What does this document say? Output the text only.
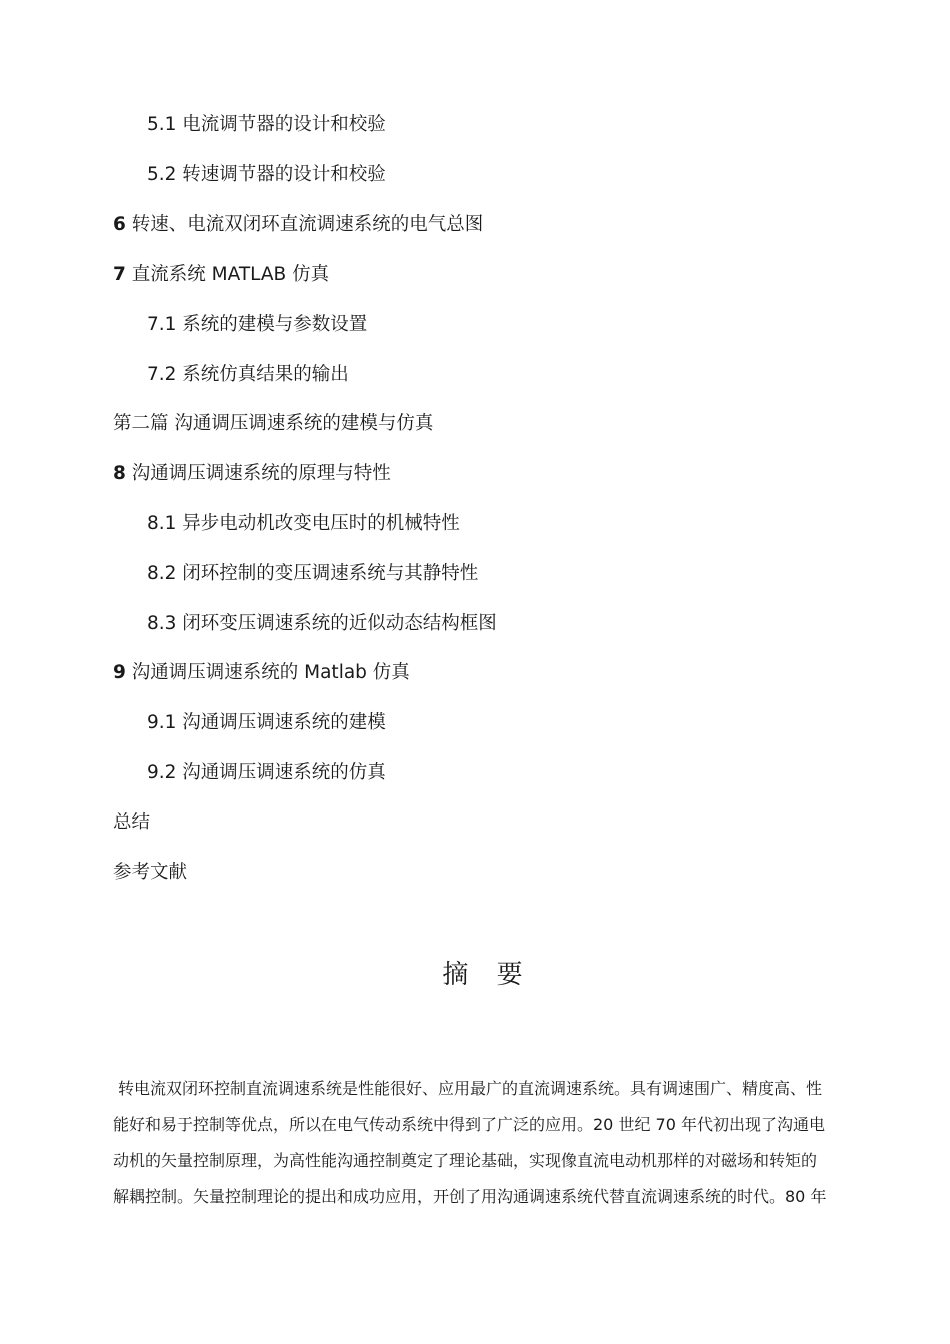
5.1 电流调节器的设计和校验
5.2 转速调节器的设计和校验
6 转速、电流双闭环直流调速系统的电气总图
7 直流系统 MATLAB 仿真
7.1 系统的建模与参数设置
7.2 系统仿真结果的输出
第二篇 沟通调压调速系统的建模与仿真
8 沟通调压调速系统的原理与特性
8.1 异步电动机改变电压时的机械特性
8.2 闭环控制的变压调速系统与其静特性
8.3 闭环变压调速系统的近似动态结构框图
9 沟通调压调速系统的 Matlab 仿真
9.1 沟通调压调速系统的建模
9.2 沟通调压调速系统的仿真
总结
参考文献
摘 要
转电流双闭环控制直流调速系统是性能很好、应用最广的直流调速系统。具有调速围广、精度高、性
能好和易于控制等优点，所以在电气传动系统中得到了广泛的应用。20 世纪 70 年代初出现了沟通电
动机的矢量控制原理，为高性能沟通控制奠定了理论基础，实现像直流电动机那样的对磁场和转矩的
解耦控制。矢量控制理论的提出和成功应用，开创了用沟通调速系统代替直流调速系统的时代。80 年
